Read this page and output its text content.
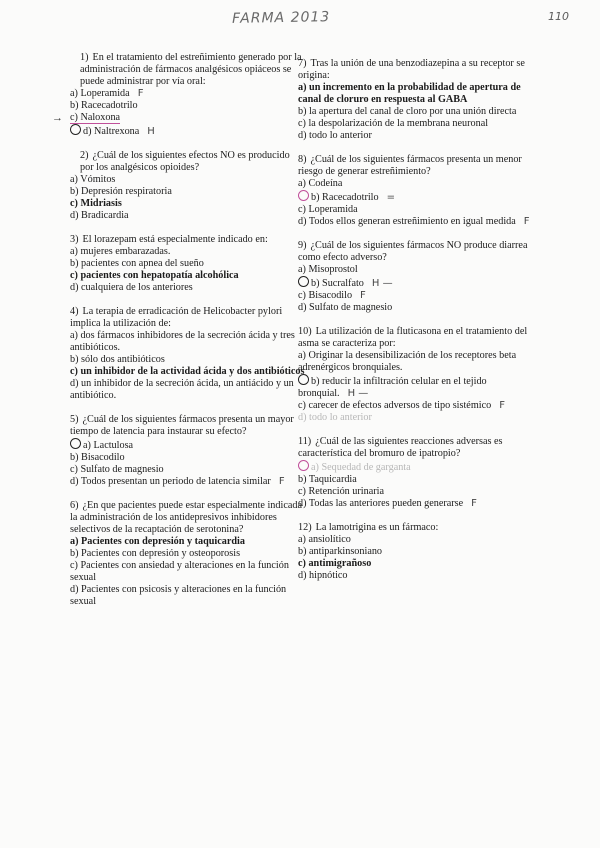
FARMA 2013	110
1) En el tratamiento del estreñimiento generado por la administración de fármacos analgésicos opiáceos se puede administrar por vía oral:
a) Loperamida F
b) Racecadotrilo
→ c) Naloxona
d) Naltrexona H
2) ¿Cuál de los siguientes efectos NO es producido por los analgésicos opioides?
a) Vómitos
b) Depresión respiratoria
c) Midriasis
d) Bradicardia
3) El lorazepam está especialmente indicado en:
a) mujeres embarazadas.
b) pacientes con apnea del sueño
c) pacientes con hepatopatía alcohólica
d) cualquiera de los anteriores
4) La terapia de erradicación de Helicobacter pylori implica la utilización de:
a) dos fármacos inhibidores de la secreción ácida y tres antibióticos.
b) sólo dos antibióticos
c) un inhibidor de la actividad ácida y dos antibióticos
d) un inhibidor de la secreción ácida, un antiácido y un antibiótico.
5) ¿Cuál de los siguientes fármacos presenta un mayor tiempo de latencia para instaurar su efecto?
a) Lactulosa
b) Bisacodilo
c) Sulfato de magnesio
d) Todos presentan un periodo de latencia similar F
6) ¿En que pacientes puede estar especialmente indicada la administración de los antidepresivos inhibidores selectivos de la recaptación de serotonina?
a) Pacientes con depresión y taquicardia
b) Pacientes con depresión y osteoporosis
c) Pacientes con ansiedad y alteraciones en la función sexual
d) Pacientes con psicosis y alteraciones en la función sexual
7) Tras la unión de una benzodiazepina a su receptor se origina:
a) un incremento en la probabilidad de apertura de canal de cloruro en respuesta al GABA
b) la apertura del canal de cloro por una unión directa
c) la despolarización de la membrana neuronal
d) todo lo anterior
8) ¿Cuál de los siguientes fármacos presenta un menor riesgo de generar estreñimiento?
a) Codeína
b) Racecadotrilo =
c) Loperamida
d) Todos ellos generan estreñimiento en igual medida F
9) ¿Cuál de los siguientes fármacos NO produce diarrea como efecto adverso?
a) Misoprostol
b) Sucralfato H —
c) Bisacodilo F
d) Sulfato de magnesio
10) La utilización de la fluticasona en el tratamiento del asma se caracteriza por:
a) Originar la desensibilización de los receptores beta adrenérgicos bronquiales.
b) reducir la infiltración celular en el tejido bronquial. H —
c) carecer de efectos adversos de tipo sistémico F
d) todo lo anterior
11) ¿Cuál de las siguientes reacciones adversas es característica del bromuro de ipatropio?
a) Sequedad de garganta
b) Taquicardia
c) Retención urinaria
d) Todas las anteriores pueden generarse F
12) La lamotrigina es un fármaco:
a) ansiolítico
b) antiparkinsoniano
c) antimigrañoso
d) hipnótico
